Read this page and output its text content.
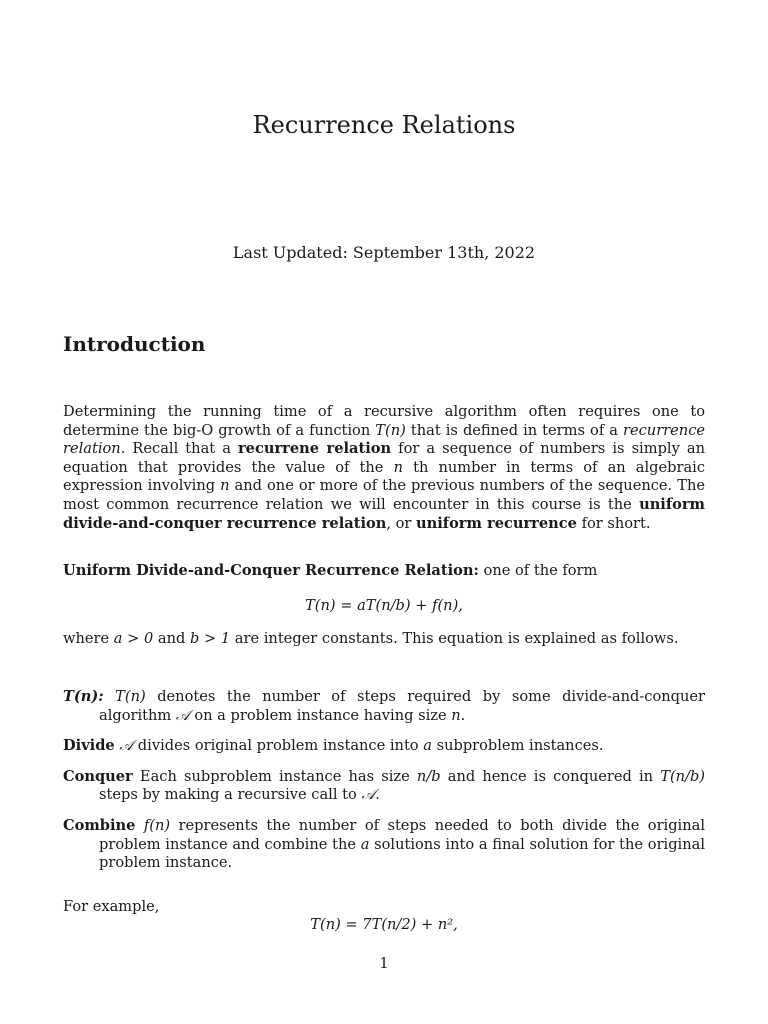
Recurrence Relations
Last Updated: September 13th, 2022
Introduction

Determining the running time of a recursive algorithm often requires one to determine the big-O growth of a function T(n) that is defined in terms of a recurrence relation. Recall that a recurrene relation for a sequence of numbers is simply an equation that provides the value of the n th number in terms of an algebraic expression involving n and one or more of the previous numbers of the sequence. The most common recurrence relation we will encounter in this course is the uniform divide-and-conquer recurrence relation, or uniform recurrence for short.

Uniform Divide-and-Conquer Recurrence Relation: one of the form
T(n) = aT(n/b) + f(n),
where a > 0 and b > 1 are integer constants. This equation is explained as follows.
T(n): T(n) denotes the number of steps required by some divide-and-conquer algorithm 𝒜 on a problem instance having size n.
Divide 𝒜 divides original problem instance into a subproblem instances.
Conquer Each subproblem instance has size n/b and hence is conquered in T(n/b) steps by making a recursive call to 𝒜.
Combine f(n) represents the number of steps needed to both divide the original problem instance and combine the a solutions into a final solution for the original problem instance.
For example,
T(n) = 7T(n/2) + n²,
1
